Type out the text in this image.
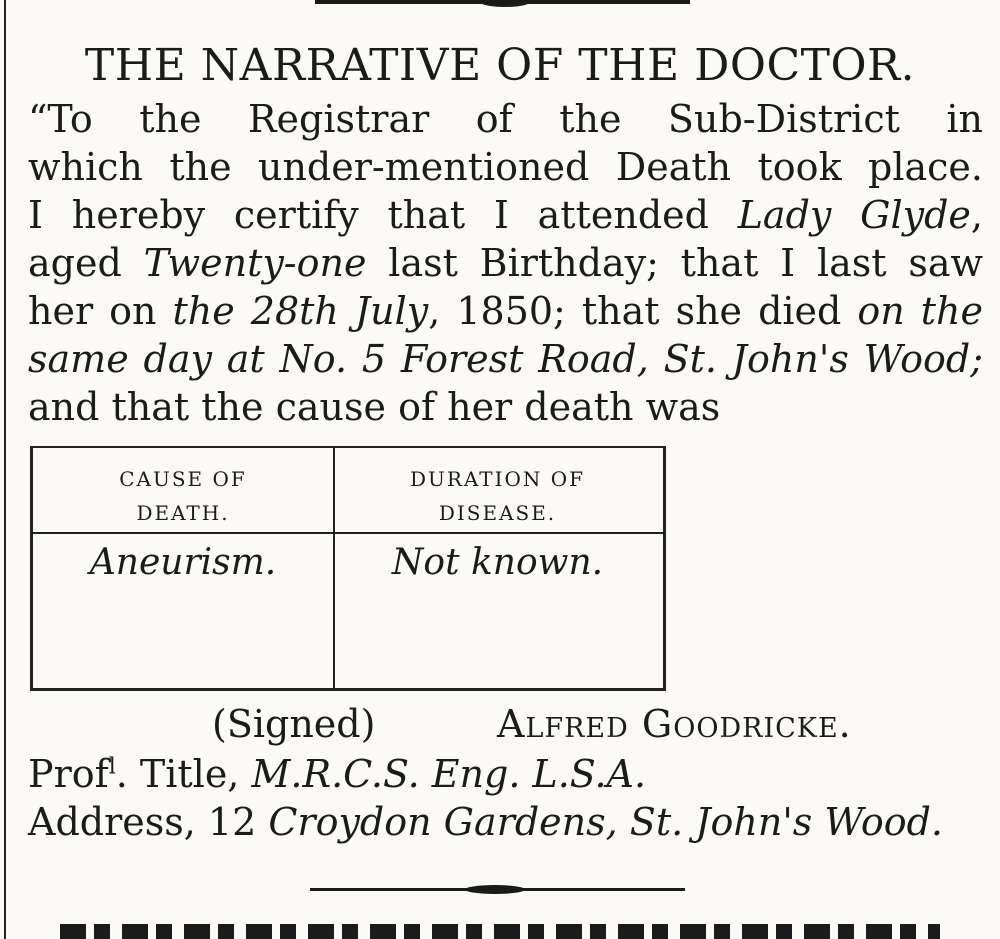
THE NARRATIVE OF THE DOCTOR.
“To the Registrar of the Sub-District in
which the under-mentioned Death took place.
I hereby certify that I attended Lady Glyde,
aged Twenty-one last Birthday; that I last saw
her on the 28th July, 1850; that she died on the
same day at No. 5 Forest Road, St. John's Wood;
and that the cause of her death was
CAUSE OF
DEATH.
DURATION OF
DISEASE.
Aneurism.	Not known.
(Signed)	Alfred Goodricke.
Prof$^l$. Title, M.R.C.S. Eng. L.S.A.
Address, 12 Croydon Gardens, St. John's Wood.
